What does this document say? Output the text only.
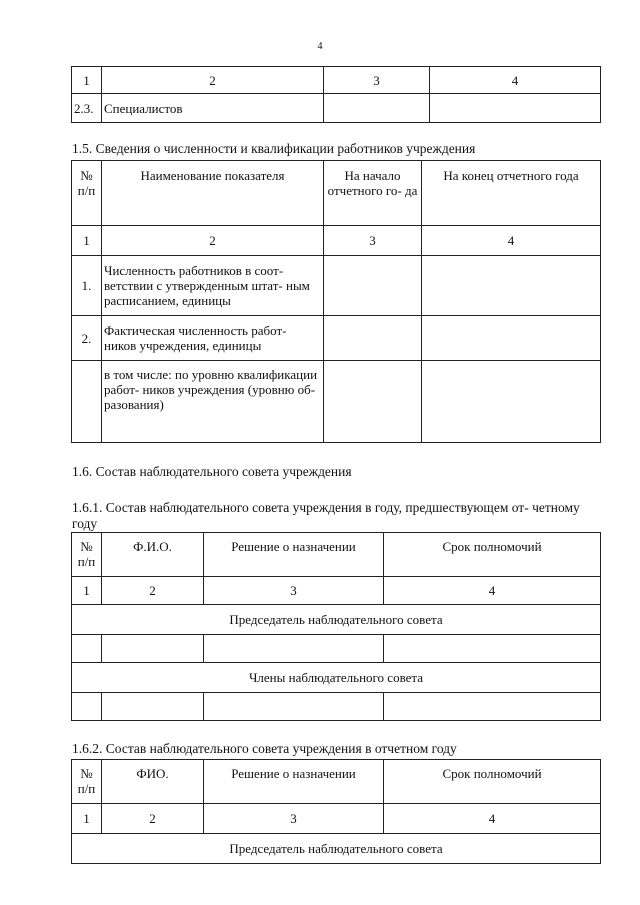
4
1	2	3	4
2.3.	Специалистов		
1.5. Сведения о численности и квалификации работников учреждения
№ п/п	Наименование показателя	На начало отчетного го- да	На конец отчетного года
1	2	3	4
1.	Численность работников в соот- ветствии с утвержденным штат- ным расписанием, единицы		
2.	Фактическая численность работ- ников учреждения, единицы		
	в том числе: по уровню квалификации работ- ников учреждения (уровню об- разования)		
1.6. Состав наблюдательного совета учреждения
1.6.1. Состав наблюдательного совета учреждения в году, предшествующем от- четному году
№ п/п	Ф.И.О.	Решение о назначении	Срок полномочий
1	2	3	4
Председатель наблюдательного совета			

Члены наблюдательного совета			

1.6.2. Состав наблюдательного совета учреждения в отчетном году
№ п/п	ФИО.	Решение о назначении	Срок полномочий
1	2	3	4
Председатель наблюдательного совета			
